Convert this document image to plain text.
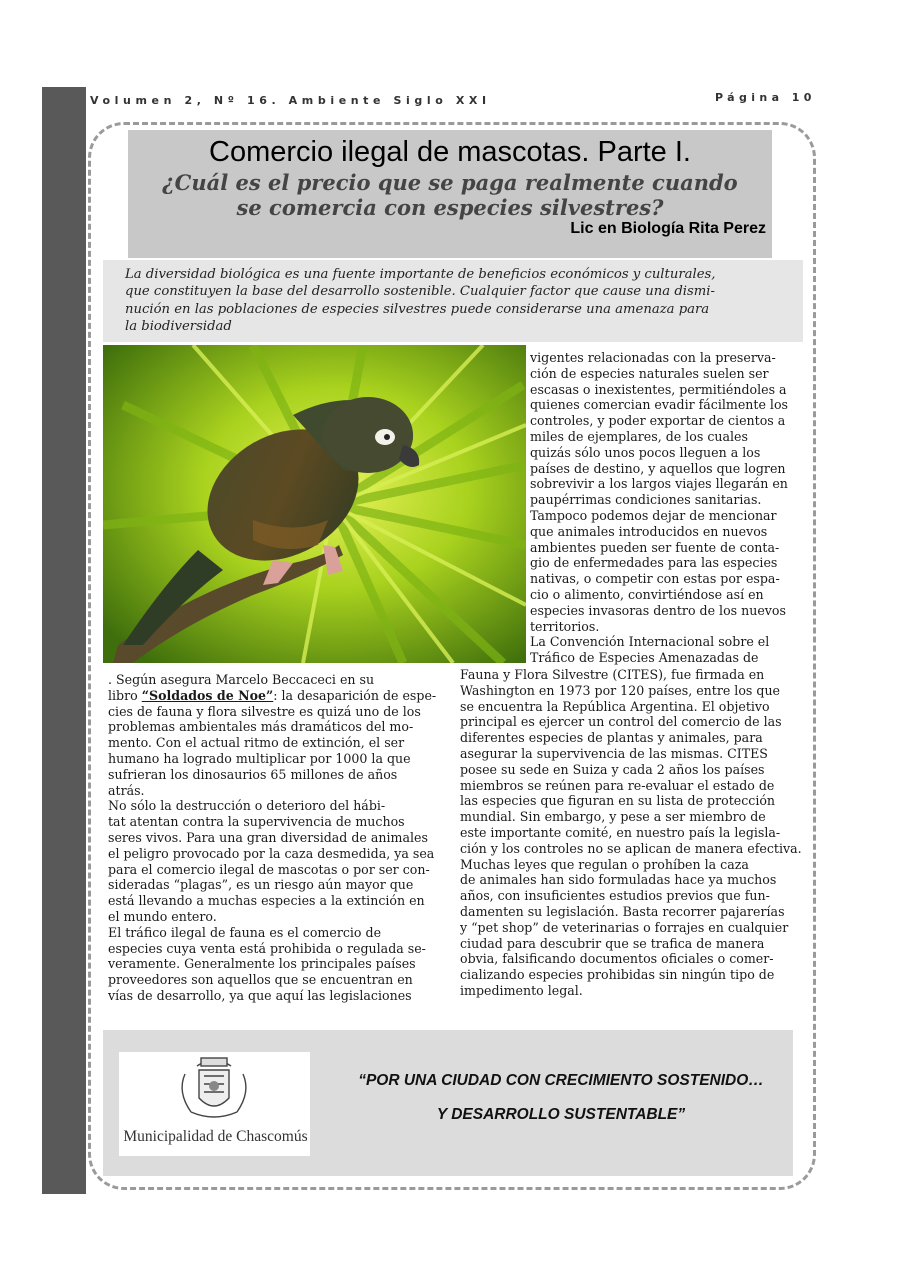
Volumen 2, Nº 16. Ambiente Siglo XXI	Página 10
Comercio ilegal de mascotas. Parte I.
¿Cuál es el precio que se paga realmente cuando
se comercia con especies silvestres?
Lic en Biología Rita Perez
La diversidad biológica es una fuente importante de beneficios económicos y culturales,
que constituyen la base del desarrollo sostenible. Cualquier factor que cause una dismi-
nución en las poblaciones de especies silvestres puede considerarse una amenaza para
la biodiversidad
vigentes relacionadas con la preserva-
ción de especies naturales suelen ser
escasas o inexistentes, permitiéndoles a
quienes comercian evadir fácilmente los
controles, y poder exportar de cientos a
miles de ejemplares, de los cuales
quizás sólo unos pocos lleguen a los
países de destino, y aquellos que logren
sobrevivir a los largos viajes llegarán en
paupérrimas condiciones sanitarias.
Tampoco podemos dejar de mencionar
que animales introducidos en nuevos
ambientes pueden ser fuente de conta-
gio de enfermedades para las especies
nativas, o competir con estas por espa-
cio o alimento, convirtiéndose así en
especies invasoras dentro de los nuevos
territorios.
La Convención Internacional sobre el
Tráfico de Especies Amenazadas de
Fauna y Flora Silvestre (CITES), fue firmada en
Washington en 1973 por 120 países, entre los que
se encuentra la República Argentina. El objetivo
principal es ejercer un control del comercio de las
diferentes especies de plantas y animales, para
asegurar la supervivencia de las mismas. CITES
posee su sede en Suiza y cada 2 años los países
miembros se reúnen para re-evaluar el estado de
las especies que figuran en su lista de protección
mundial. Sin embargo, y pese a ser miembro de
este importante comité, en nuestro país la legisla-
ción y los controles no se aplican de manera efectiva.
Muchas leyes que regulan o prohíben la caza
de animales han sido formuladas hace ya muchos
años, con insuficientes estudios previos que fun-
damenten su legislación. Basta recorrer pajarerías
y “pet shop” de veterinarias o forrajes en cualquier
ciudad para descubrir que se trafica de manera
obvia, falsificando documentos oficiales o comer-
cializando especies prohibidas sin ningún tipo de
impedimento legal.
. Según asegura Marcelo Beccaceci en su
libro “Soldados de Noe”: la desaparición de espe-
cies de fauna y flora silvestre es quizá uno de los
problemas ambientales más dramáticos del mo-
mento. Con el actual ritmo de extinción, el ser
humano ha logrado multiplicar por 1000 la que
sufrieran los dinosaurios 65 millones de años
atrás.
No sólo la destrucción o deterioro del hábi-
tat atentan contra la supervivencia de muchos
seres vivos. Para una gran diversidad de animales
el peligro provocado por la caza desmedida, ya sea
para el comercio ilegal de mascotas o por ser con-
sideradas “plagas”, es un riesgo aún mayor que
está llevando a muchas especies a la extinción en
el mundo entero.
El tráfico ilegal de fauna es el comercio de
especies cuya venta está prohibida o regulada se-
veramente. Generalmente los principales países
proveedores son aquellos que se encuentran en
vías de desarrollo, ya que aquí las legislaciones
Municipalidad de Chascomús
“POR UNA CIUDAD CON CRECIMIENTO SOSTENIDO…
Y DESARROLLO SUSTENTABLE”
